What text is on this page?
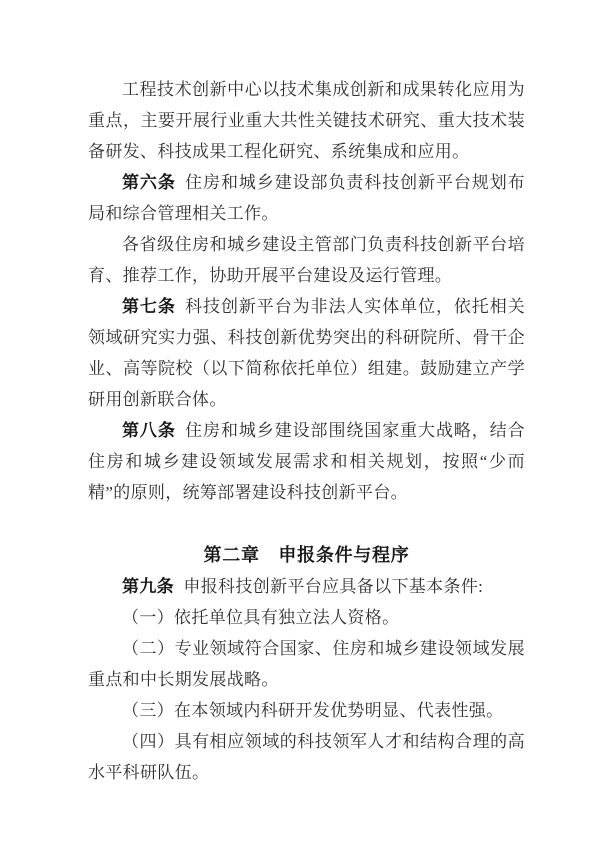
工程技术创新中心以技术集成创新和成果转化应用为重点，主要开展行业重大共性关键技术研究、重大技术装备研发、科技成果工程化研究、系统集成和应用。

第六条 住房和城乡建设部负责科技创新平台规划布局和综合管理相关工作。

各省级住房和城乡建设主管部门负责科技创新平台培育、推荐工作，协助开展平台建设及运行管理。

第七条 科技创新平台为非法人实体单位，依托相关领域研究实力强、科技创新优势突出的科研院所、骨干企业、高等院校（以下简称依托单位）组建。鼓励建立产学研用创新联合体。

第八条 住房和城乡建设部围绕国家重大战略，结合住房和城乡建设领域发展需求和相关规划，按照“少而精”的原则，统筹部署建设科技创新平台。

第二章　申报条件与程序

第九条 申报科技创新平台应具备以下基本条件:

（一）依托单位具有独立法人资格。

（二）专业领域符合国家、住房和城乡建设领域发展重点和中长期发展战略。

（三）在本领域内科研开发优势明显、代表性强。

（四）具有相应领域的科技领军人才和结构合理的高水平科研队伍。
